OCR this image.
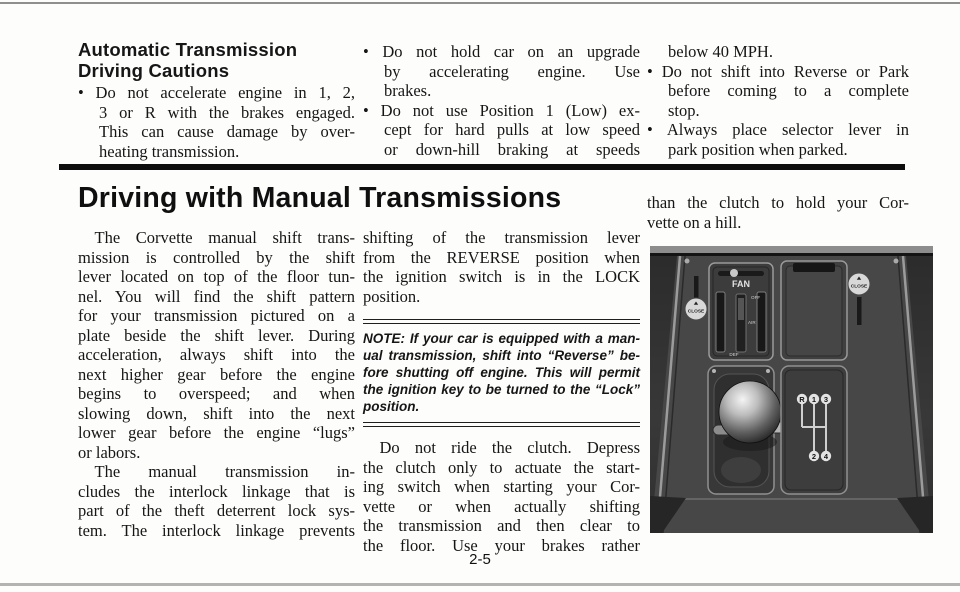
Automatic Transmission
Driving Cautions
• Do not accelerate engine in 1, 2,
3 or R with the brakes engaged.
This can cause damage by over-
heating transmission.
• Do not hold car on an upgrade
by accelerating engine. Use
brakes.
• Do not use Position 1 (Low) ex-
cept for hard pulls at low speed
or down-hill braking at speeds
below 40 MPH.
• Do not shift into Reverse or Park
before coming to a complete
stop.
• Always place selector lever in
park position when parked.
Driving with Manual Transmissions
 The Corvette manual shift trans-
mission is controlled by the shift
lever located on top of the floor tun-
nel. You will find the shift pattern
for your transmission pictured on a
plate beside the shift lever. During
acceleration, always shift into the
next higher gear before the engine
begins to overspeed; and when
slowing down, shift into the next
lower gear before the engine “lugs”
or labors.
 The manual transmission in-
cludes the interlock linkage that is
part of the theft deterrent lock sys-
tem. The interlock linkage prevents
shifting of the transmission lever
from the REVERSE position when
the ignition switch is in the LOCK
position.
NOTE: If your car is equipped with a man-
ual transmission, shift into “Reverse” be-
fore shutting off engine. This will permit
the ignition key to be turned to the “Lock”
position.
 Do not ride the clutch. Depress
the clutch only to actuate the start-
ing switch when starting your Cor-
vette or when actually shifting
the transmission and then clear to
the floor. Use your brakes rather
than the clutch to hold your Cor-
vette on a hill.
FAN
OFF
AIR
DEF
CLOSE
CLOSE
R 1 3
2 4
2-5
